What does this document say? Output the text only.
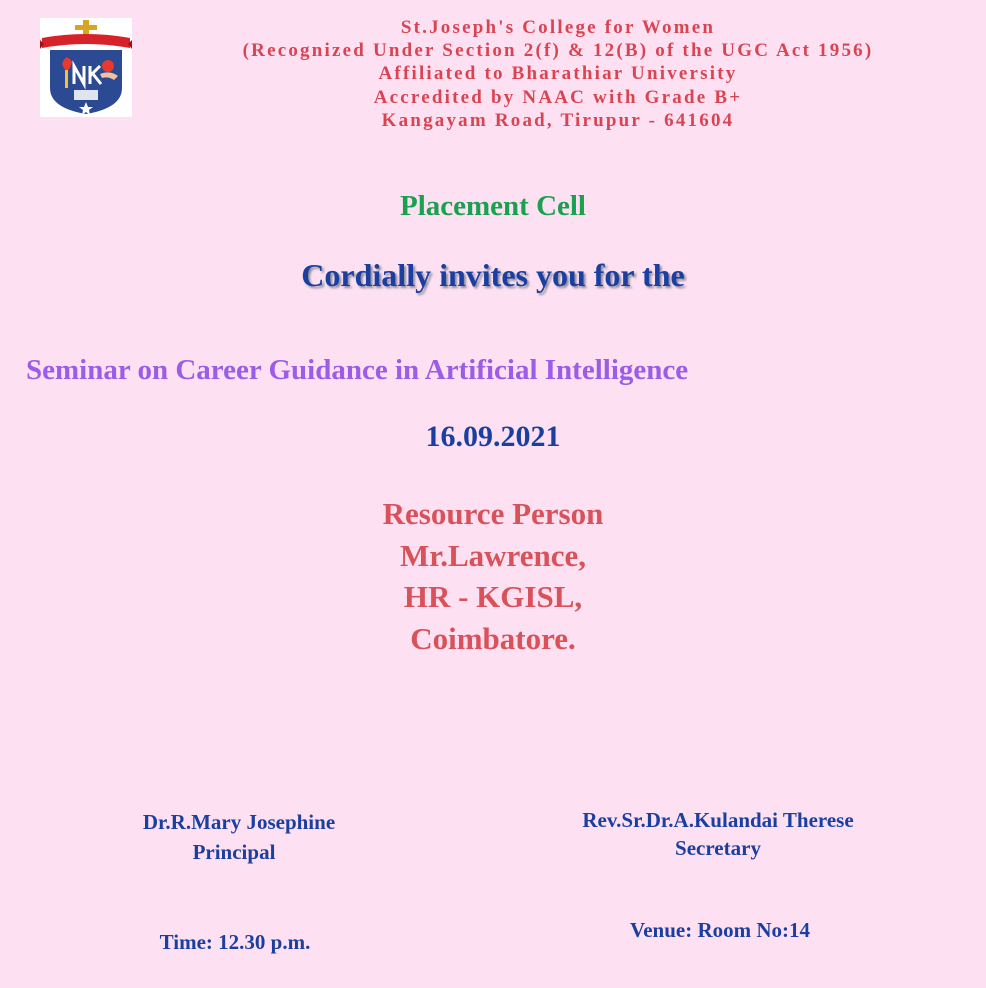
St.Joseph's College for Women
(Recognized Under Section 2(f) & 12(B) of the UGC Act 1956)
Affiliated to Bharathiar University
Accredited by NAAC with Grade B+
Kangayam Road, Tirupur - 641604
Placement Cell
Cordially invites you for the
Seminar on Career Guidance in Artificial Intelligence
16.09.2021
Resource Person
Mr.Lawrence,
HR - KGISL,
Coimbatore.
Dr.R.Mary Josephine
Principal
Rev.Sr.Dr.A.Kulandai Therese
Secretary
Time: 12.30 p.m.	Venue: Room No:14
